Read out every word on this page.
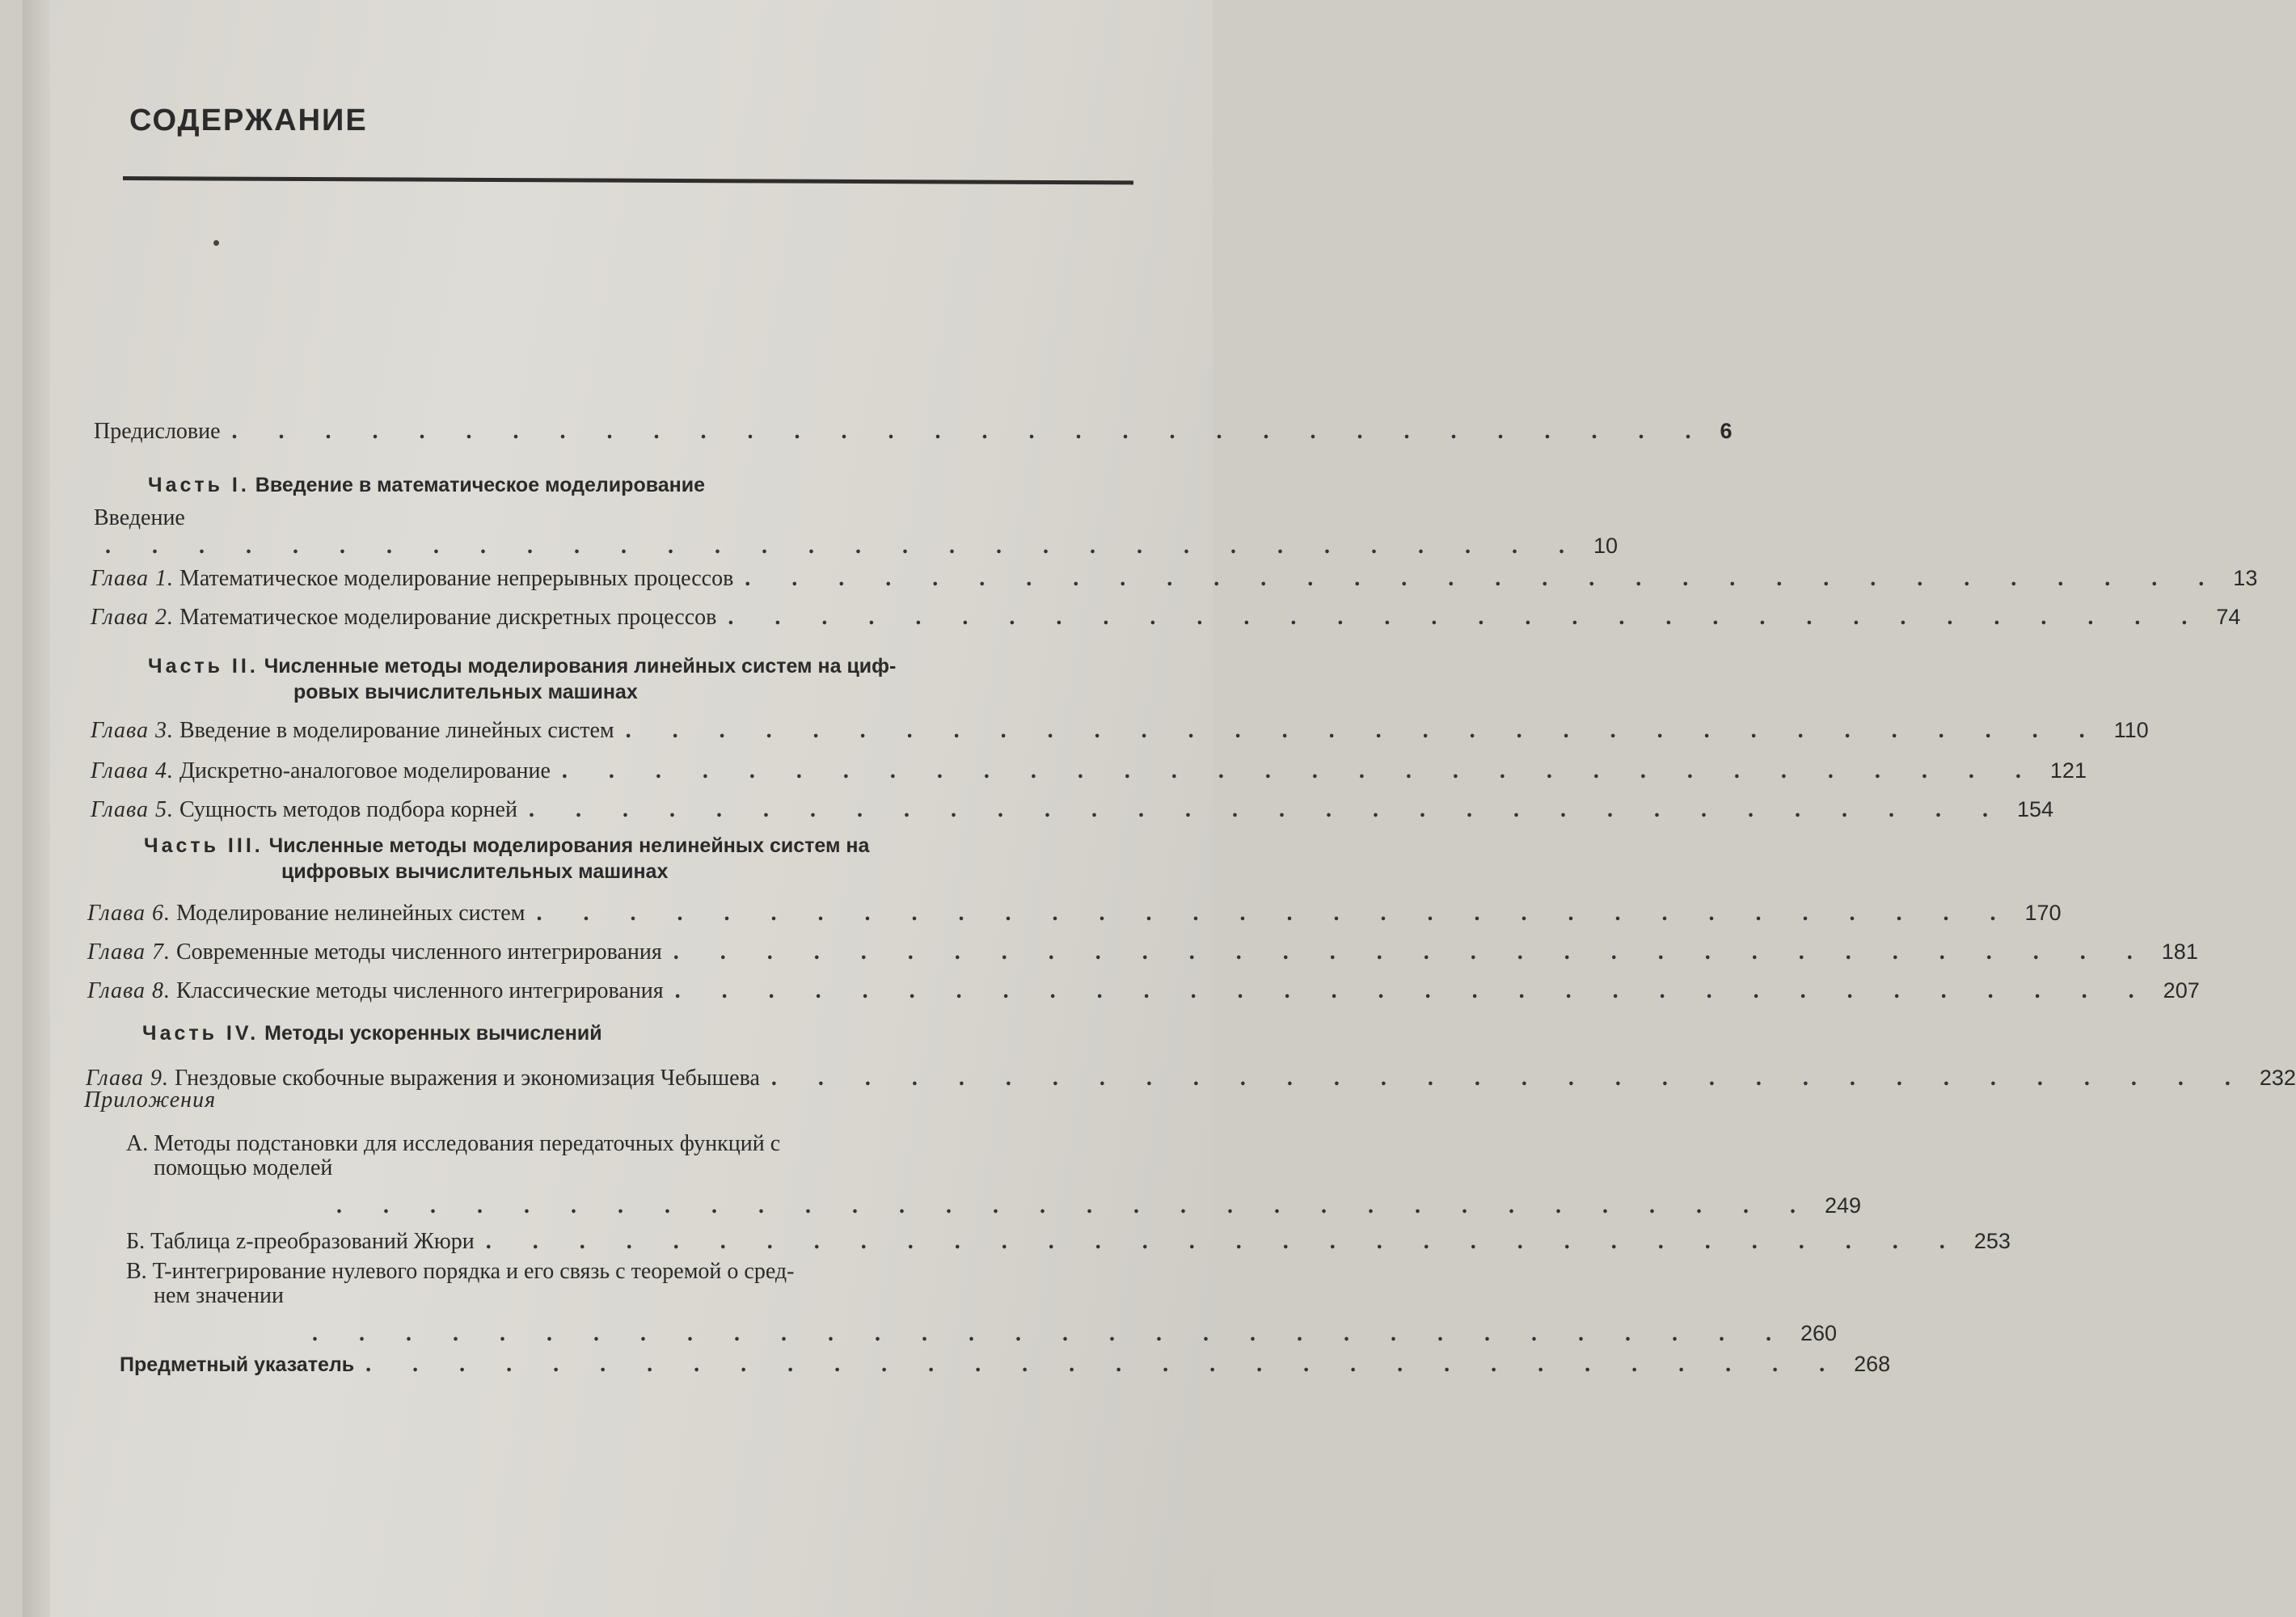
СОДЕРЖАНИЕ
Предисловие . . . . . . . . . . . . . . . . . . . . . . . . . . . . . . . . 6
Часть I. Введение в математическое моделирование
Введение
. . . . . . . . . . . . . . . . . . . . . . . . . . . . . . . . 10
Глава 1. Математическое моделирование непрерывных процессов . . . . . . . . . . . . . . . . . . . . . . . . . . . . . . . . 13
Глава 2. Математическое моделирование дискретных процессов . . . . . . . . . . . . . . . . . . . . . . . . . . . . . . . . 74
Часть II. Численные методы моделирования линейных систем на циф-
ровых вычислительных машинах
Глава 3. Введение в моделирование линейных систем . . . . . . . . . . . . . . . . . . . . . . . . . . . . . . . . 110
Глава 4. Дискретно-аналоговое моделирование . . . . . . . . . . . . . . . . . . . . . . . . . . . . . . . . 121
Глава 5. Сущность методов подбора корней . . . . . . . . . . . . . . . . . . . . . . . . . . . . . . . . 154
Часть III. Численные методы моделирования нелинейных систем на
цифровых вычислительных машинах
Глава 6. Моделирование нелинейных систем . . . . . . . . . . . . . . . . . . . . . . . . . . . . . . . . 170
Глава 7. Современные методы численного интегрирования . . . . . . . . . . . . . . . . . . . . . . . . . . . . . . . . 181
Глава 8. Классические методы численного интегрирования . . . . . . . . . . . . . . . . . . . . . . . . . . . . . . . . 207
Часть IV. Методы ускоренных вычислений
Глава 9. Гнездовые скобочные выражения и экономизация Чебышева . . . . . . . . . . . . . . . . . . . . . . . . . . . . . . . . 232
Приложения
А. Методы подстановки для исследования передаточных функций с
помощью моделей
. . . . . . . . . . . . . . . . . . . . . . . . . . . . . . . . 249
Б. Таблица z-преобразований Жюри . . . . . . . . . . . . . . . . . . . . . . . . . . . . . . . . 253
В. T-интегрирование нулевого порядка и его связь с теоремой о сред-
нем значении
. . . . . . . . . . . . . . . . . . . . . . . . . . . . . . . . 260
Предметный указатель . . . . . . . . . . . . . . . . . . . . . . . . . . . . . . . . 268
